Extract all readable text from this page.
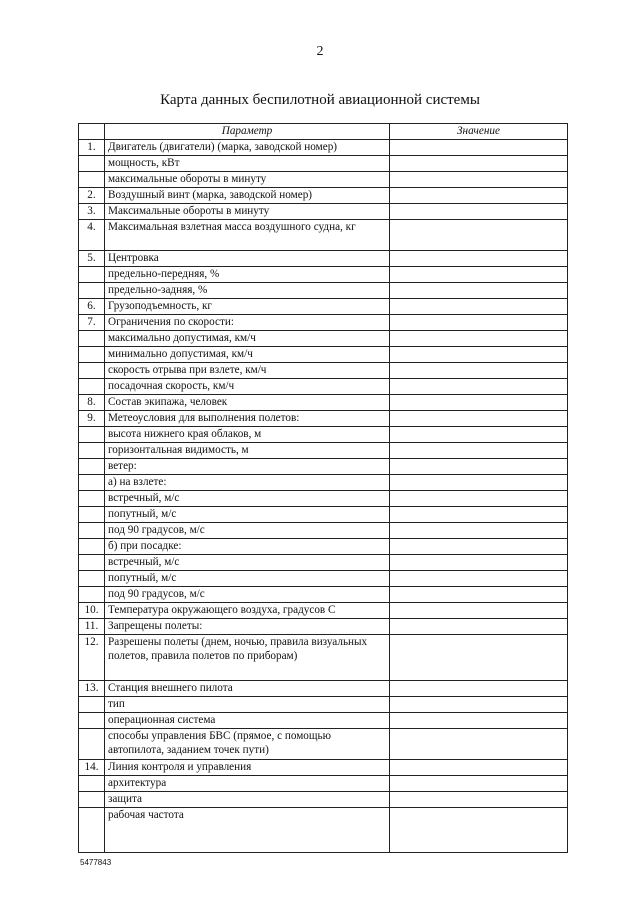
2
Карта данных беспилотной авиационной системы
	Параметр	Значение
1.	Двигатель (двигатели) (марка, заводской номер)	
	мощность, кВт	
	максимальные обороты в минуту	
2.	Воздушный винт (марка, заводской номер)	
3.	Максимальные обороты в минуту	
4.	Максимальная взлетная масса воздушного судна, кг	
5.	Центровка	
	предельно-передняя, %	
	предельно-задняя, %	
6.	Грузоподъемность, кг	
7.	Ограничения по скорости:	
	максимально допустимая, км/ч	
	минимально допустимая, км/ч	
	скорость отрыва при взлете, км/ч	
	посадочная скорость, км/ч	
8.	Состав экипажа, человек	
9.	Метеоусловия для выполнения полетов:	
	высота нижнего края облаков, м	
	горизонтальная видимость, м	
	ветер:	
	а) на взлете:	
	встречный, м/с	
	попутный, м/с	
	под 90 градусов, м/с	
	б) при посадке:	
	встречный, м/с	
	попутный, м/с	
	под 90 градусов, м/с	
10.	Температура окружающего воздуха, градусов С	
11.	Запрещены полеты:	
12.	Разрешены полеты (днем, ночью, правила визуальных полетов, правила полетов по приборам)	
13.	Станция внешнего пилота	
	тип	
	операционная система	
	способы управления БВС (прямое, с помощью автопилота, заданием точек пути)	
14.	Линия контроля и управления	
	архитектура	
	защита	
	рабочая частота	
5477843
